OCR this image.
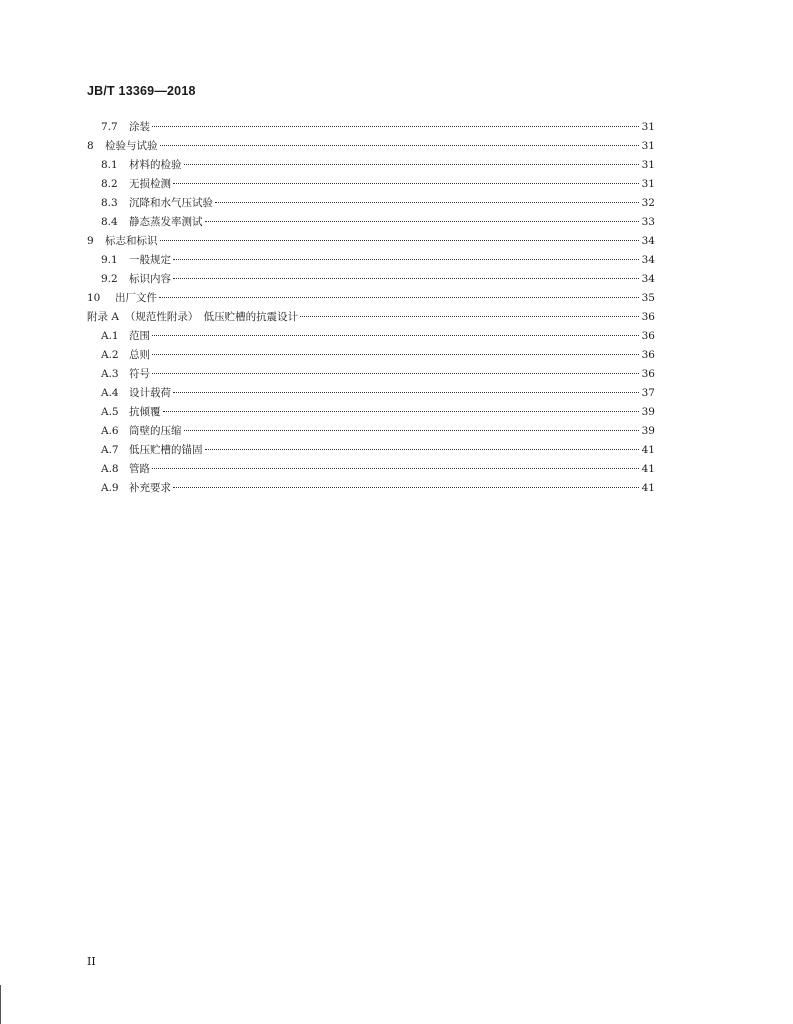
JB/T 13369—2018
7.7	涂装	31
8	检验与试验	31
8.1	材料的检验	31
8.2	无损检测	31
8.3	沉降和水气压试验	32
8.4	静态蒸发率测试	33
9	标志和标识	34
9.1	一般规定	34
9.2	标识内容	34
10	出厂文件	35
附录 A （规范性附录）　低压贮槽的抗震设计	36
A.1 范围	36
A.2 总则	36
A.3 符号	36
A.4 设计载荷	37
A.5 抗倾覆	39
A.6 筒壁的压缩	39
A.7 低压贮槽的锚固	41
A.8 管路	41
A.9 补充要求	41
II
